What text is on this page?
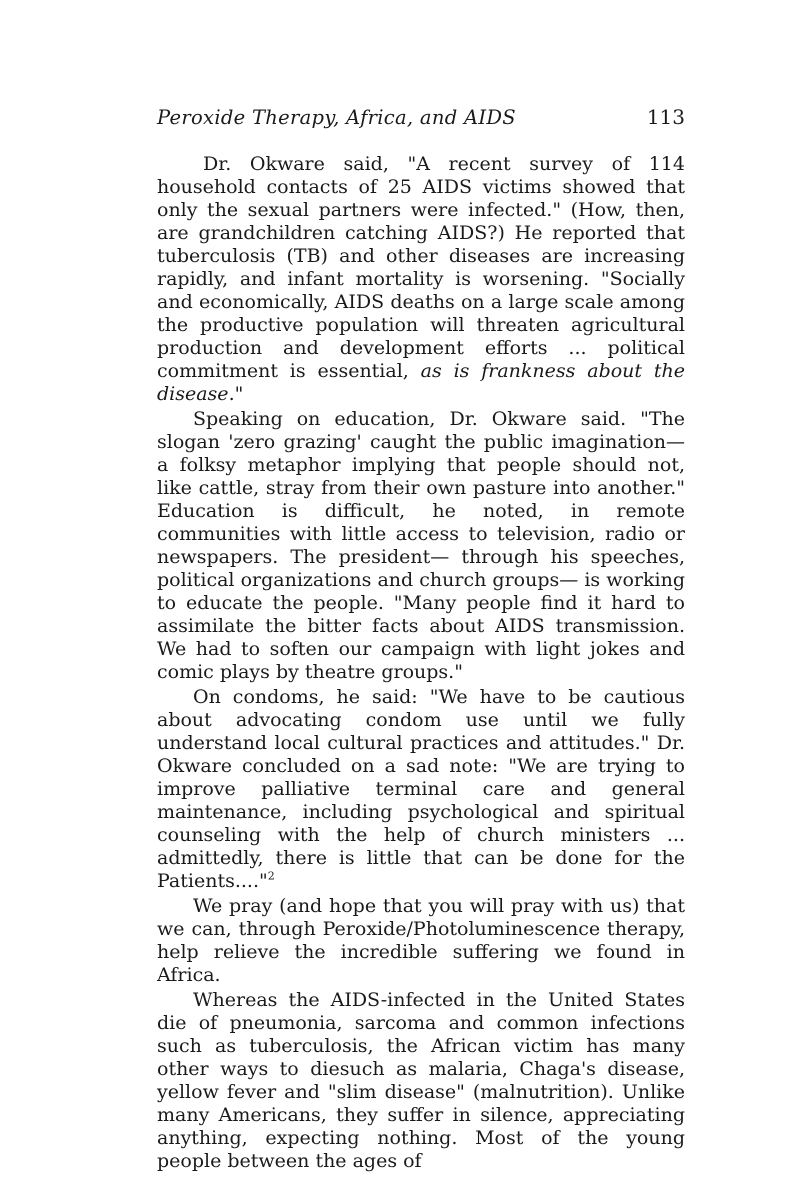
Peroxide Therapy, Africa, and AIDS	113

Dr. Okware said, "A recent survey of 114 household contacts of 25 AIDS victims showed that only the sexual partners were infected." (How, then, are grandchildren catching AIDS?) He reported that tuberculosis (TB) and other diseases are increasing rapidly, and infant mortality is worsening. "Socially and economically, AIDS deaths on a large scale among the productive population will threaten agricultural production and development efforts ... political commitment is essential, as is frankness about the disease."

Speaking on education, Dr. Okware said. "The slogan 'zero grazing' caught the public imagination— a folksy metaphor implying that people should not, like cattle, stray from their own pasture into another." Education is difficult, he noted, in remote communities with little access to television, radio or newspapers. The president— through his speeches, political organizations and church groups— is working to educate the people. "Many people find it hard to assimilate the bitter facts about AIDS transmission. We had to soften our campaign with light jokes and comic plays by theatre groups."

On condoms, he said: "We have to be cautious about advocating condom use until we fully understand local cultural practices and attitudes." Dr. Okware concluded on a sad note: "We are trying to improve palliative terminal care and general maintenance, including psychological and spiritual counseling with the help of church ministers ... admittedly, there is little that can be done for the Patients...."$^2$

We pray (and hope that you will pray with us) that we can, through Peroxide/Photoluminescence therapy, help relieve the incredible suffering we found in Africa.

Whereas the AIDS-infected in the United States die of pneumonia, sarcoma and common infections such as tuberculosis, the African victim has many other ways to diesuch as malaria, Chaga's disease, yellow fever and "slim disease" (malnutrition). Unlike many Americans, they suffer in silence, appreciating anything, expecting nothing. Most of the young people between the ages of
